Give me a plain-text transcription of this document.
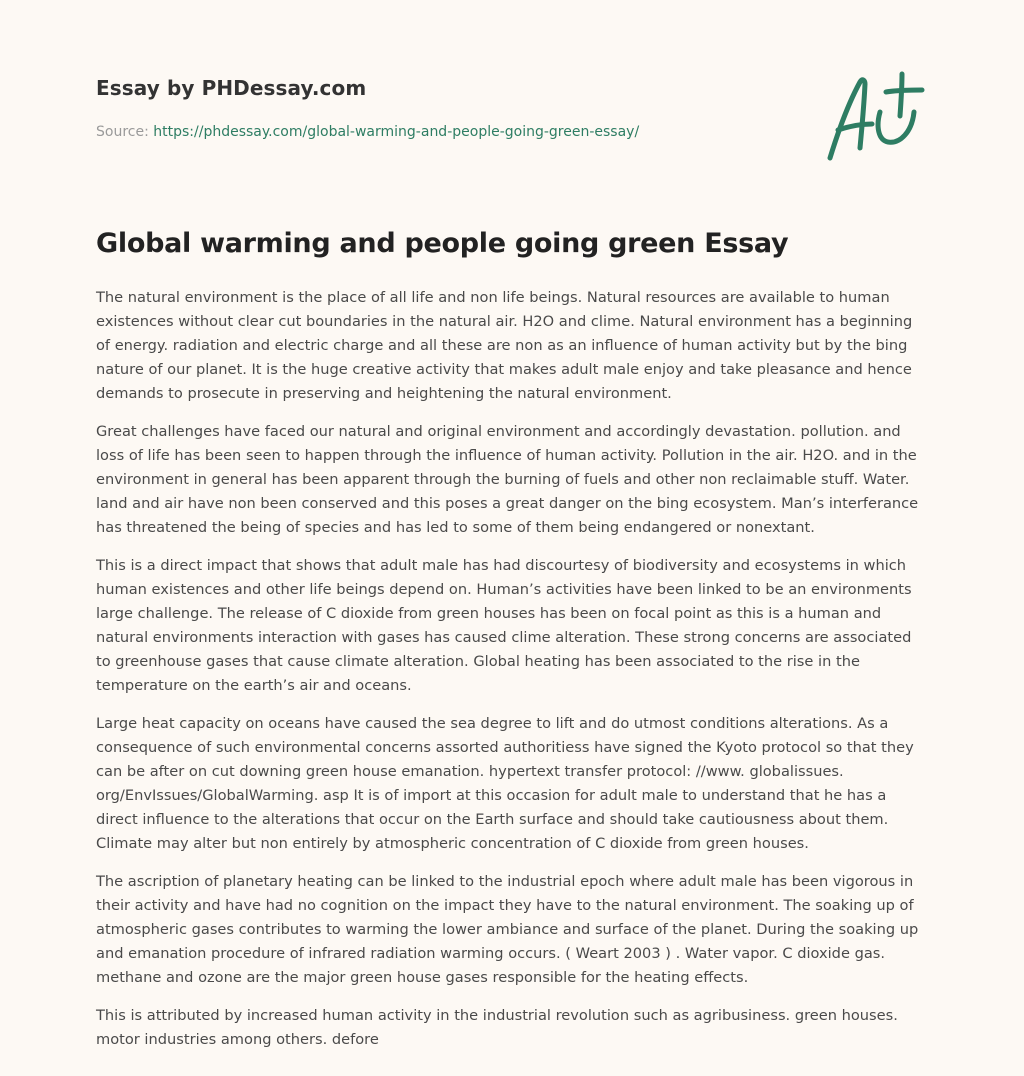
Essay by PHDessay.com

Source: https://phdessay.com/global-warming-and-people-going-green-essay/

Global warming and people going green Essay

The natural environment is the place of all life and non life beings. Natural resources are available to human existences without clear cut boundaries in the natural air. H2O and clime. Natural environment has a beginning of energy. radiation and electric charge and all these are non as an influence of human activity but by the bing nature of our planet. It is the huge creative activity that makes adult male enjoy and take pleasance and hence demands to prosecute in preserving and heightening the natural environment.

Great challenges have faced our natural and original environment and accordingly devastation. pollution. and loss of life has been seen to happen through the influence of human activity. Pollution in the air. H2O. and in the environment in general has been apparent through the burning of fuels and other non reclaimable stuff. Water. land and air have non been conserved and this poses a great danger on the bing ecosystem. Man’s interferance has threatened the being of species and has led to some of them being endangered or nonextant.

This is a direct impact that shows that adult male has had discourtesy of biodiversity and ecosystems in which human existences and other life beings depend on. Human’s activities have been linked to be an environments large challenge. The release of C dioxide from green houses has been on focal point as this is a human and natural environments interaction with gases has caused clime alteration. These strong concerns are associated to greenhouse gases that cause climate alteration. Global heating has been associated to the rise in the temperature on the earth’s air and oceans.

Large heat capacity on oceans have caused the sea degree to lift and do utmost conditions alterations. As a consequence of such environmental concerns assorted authoritiess have signed the Kyoto protocol so that they can be after on cut downing green house emanation. hypertext transfer protocol: //www. globalissues. org/EnvIssues/GlobalWarming. asp It is of import at this occasion for adult male to understand that he has a direct influence to the alterations that occur on the Earth surface and should take cautiousness about them. Climate may alter but non entirely by atmospheric concentration of C dioxide from green houses.

The ascription of planetary heating can be linked to the industrial epoch where adult male has been vigorous in their activity and have had no cognition on the impact they have to the natural environment. The soaking up of atmospheric gases contributes to warming the lower ambiance and surface of the planet. During the soaking up and emanation procedure of infrared radiation warming occurs. ( Weart 2003 ) . Water vapor. C dioxide gas. methane and ozone are the major green house gases responsible for the heating effects.

This is attributed by increased human activity in the industrial revolution such as agribusiness. green houses. motor industries among others. defore
